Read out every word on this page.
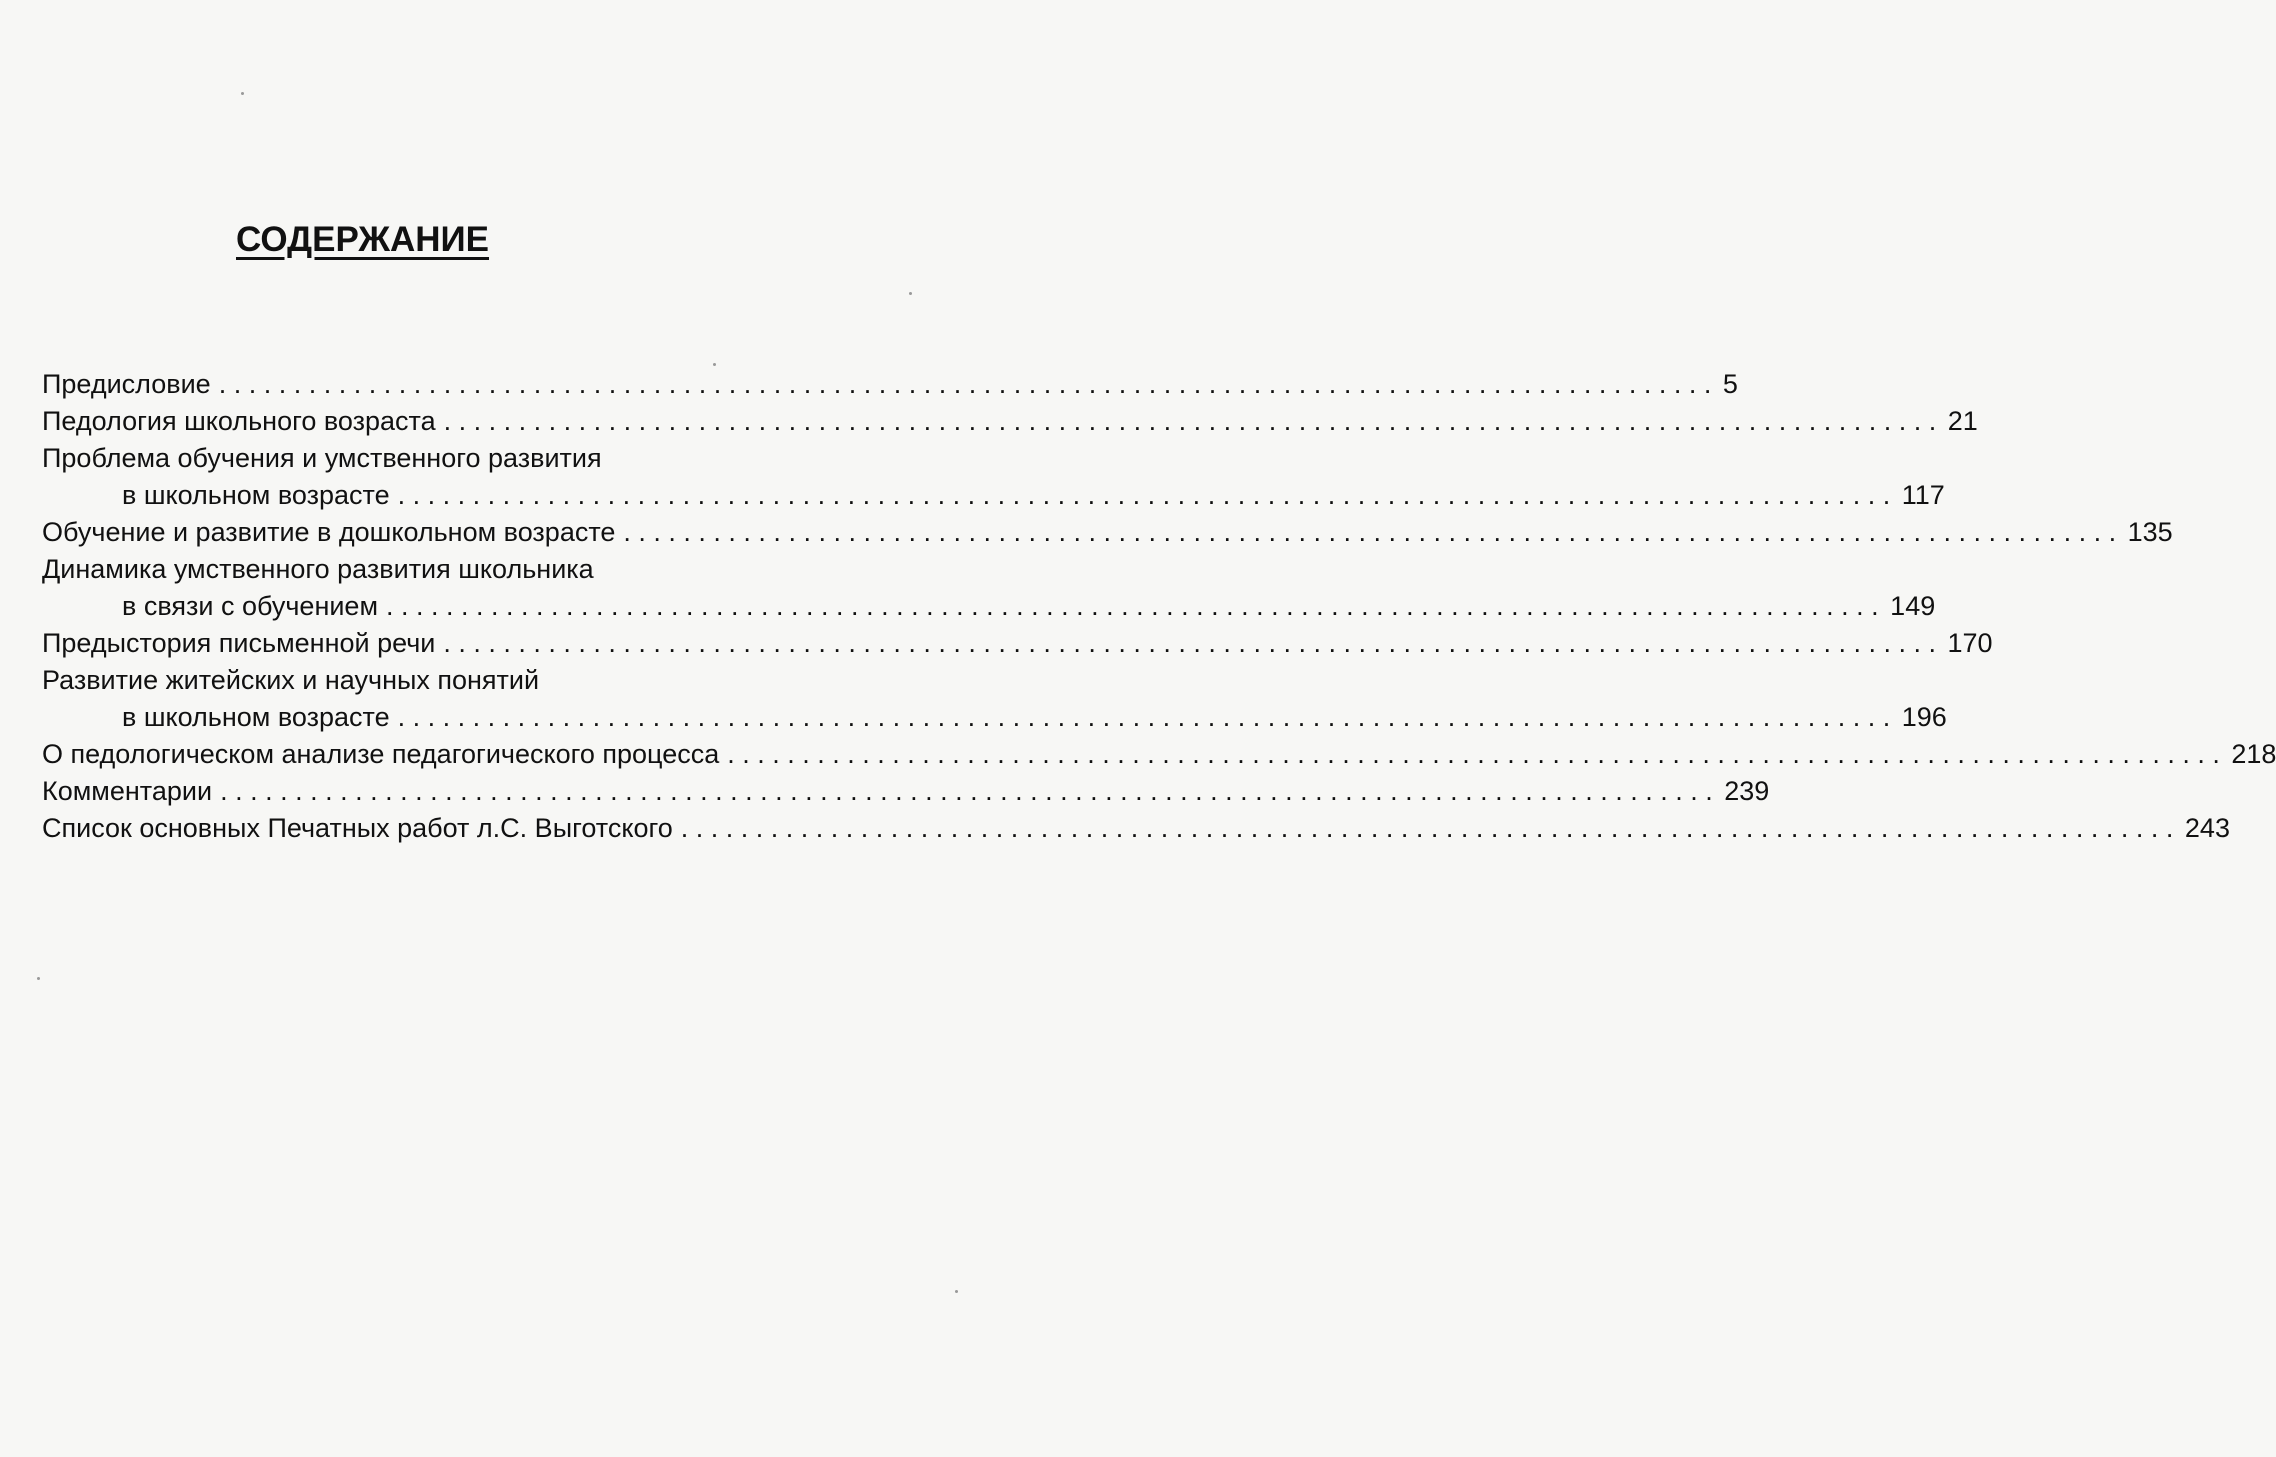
СОДЕРЖАНИЕ
Предисловие .................................................................................................... 5
Педология школьного возраста .................................................................................................... 21
Проблема обучения и умственного развития
в школьном возрасте .................................................................................................... 117
Обучение и развитие в дошкольном возрасте .................................................................................................... 135
Динамика умственного развития школьника
в связи с обучением .................................................................................................... 149
Предыстория письменной речи .................................................................................................... 170
Развитие житейских и научных понятий
в школьном возрасте .................................................................................................... 196
О педологическом анализе педагогического процесса .................................................................................................... 218
Комментарии .................................................................................................... 239
Список основных Печатных работ л.С. Выготского .................................................................................................... 243
